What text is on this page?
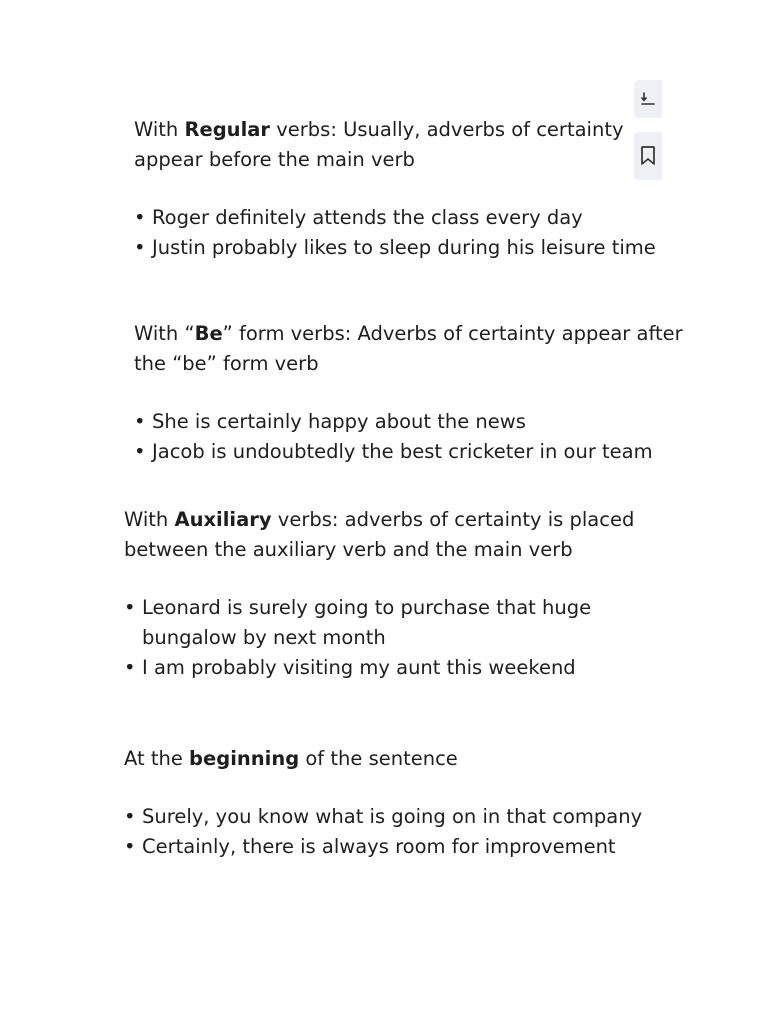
With Regular verbs: Usually, adverbs of certainty appear before the main verb

• Roger definitely attends the class every day
• Justin probably likes to sleep during his leisure time

With “Be” form verbs: Adverbs of certainty appear after the “be” form verb

• She is certainly happy about the news
• Jacob is undoubtedly the best cricketer in our team

With Auxiliary verbs: adverbs of certainty is placed between the auxiliary verb and the main verb

• Leonard is surely going to purchase that huge bungalow by next month
• I am probably visiting my aunt this weekend

At the beginning of the sentence

• Surely, you know what is going on in that company
• Certainly, there is always room for improvement
